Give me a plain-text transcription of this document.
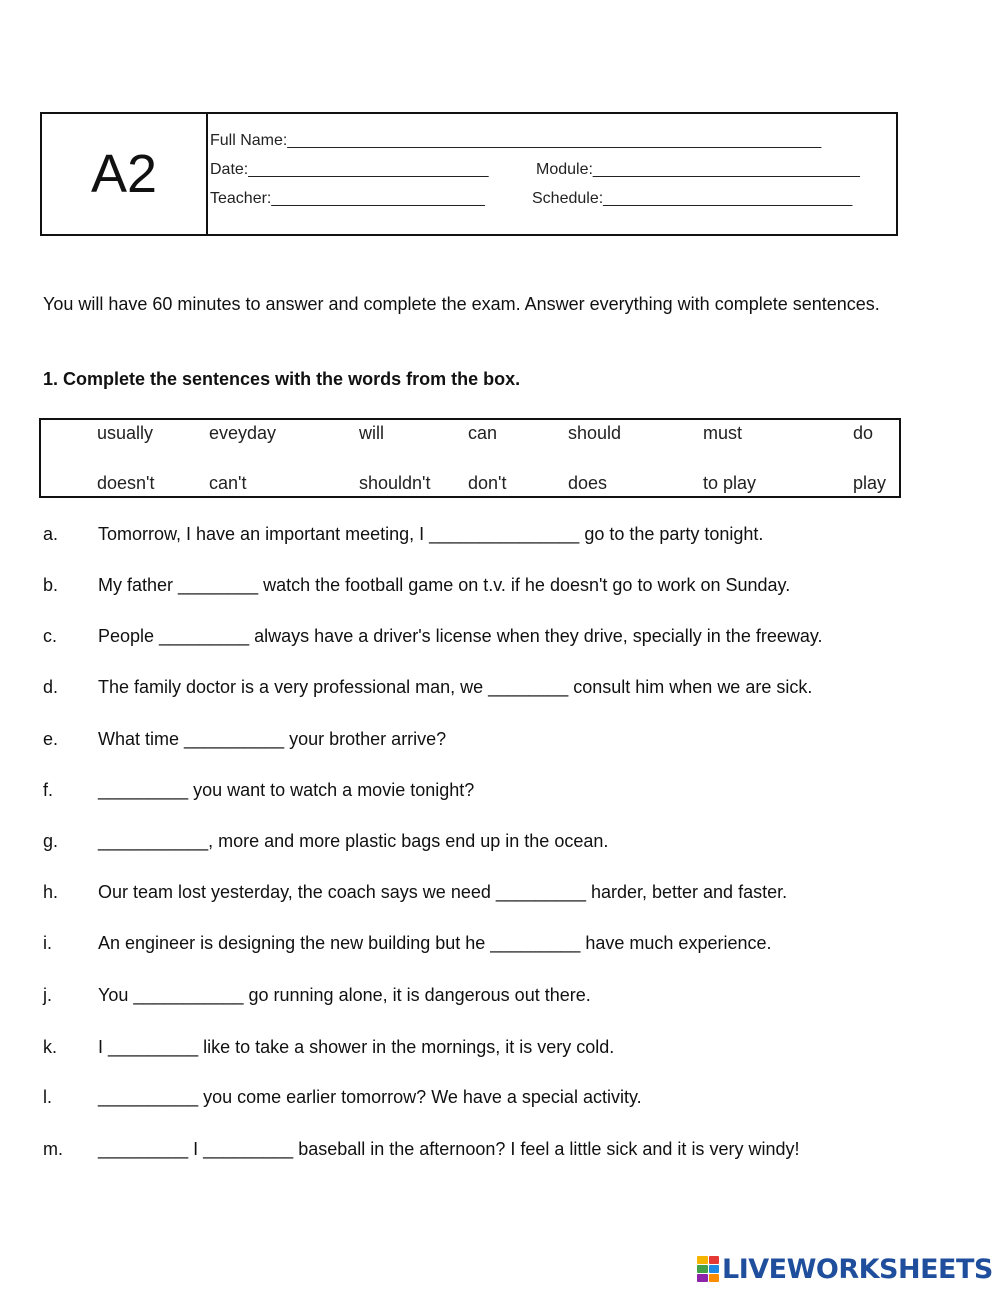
A2
Full Name:____________________________________________________________
Date:___________________________	Module:______________________________
Teacher:________________________	Schedule:____________________________
You will have 60 minutes to answer and complete the exam. Answer everything with complete sentences.
1. Complete the sentences with the words from the box.
usually	eveyday	will	can	should	must	do
doesn't	can't	shouldn't don't	does	to play	play
a. Tomorrow, I have an important meeting, I _______________ go to the party tonight.
b. My father ________ watch the football game on t.v. if he doesn't go to work on Sunday.
c. People _________ always have a driver's license when they drive, specially in the freeway.
d. The family doctor is a very professional man, we ________ consult him when we are sick.
e. What time __________ your brother arrive?
f. _________ you want to watch a movie tonight?
g. ___________, more and more plastic bags end up in the ocean.
h. Our team lost yesterday, the coach says we need _________ harder, better and faster.
i.	An engineer is designing the new building but he _________ have much experience.
j.	You ___________ go running alone, it is dangerous out there.
k. I _________ like to take a shower in the mornings, it is very cold.
l.	__________ you come earlier tomorrow? We have a special activity.
m. _________ I _________ baseball in the afternoon? I feel a little sick and it is very windy!
LIVEWORKSHEETS
